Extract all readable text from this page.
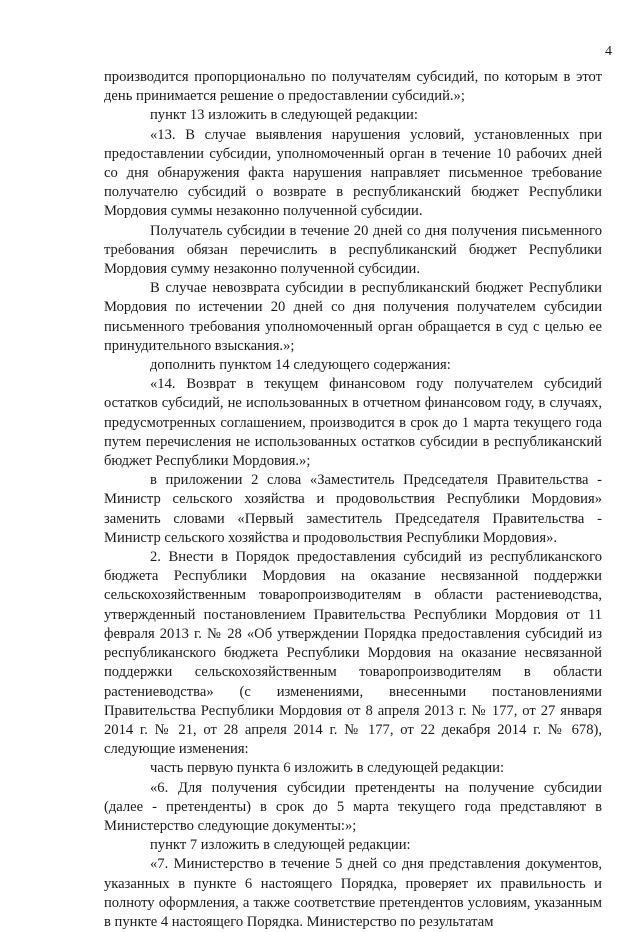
4

производится пропорционально по получателям субсидий, по которым в этот день принимается решение о предоставлении субсидий.»;

пункт 13 изложить в следующей редакции:

«13. В случае выявления нарушения условий, установленных при предоставлении субсидии, уполномоченный орган в течение 10 рабочих дней со дня обнаружения факта нарушения направляет письменное требование получателю субсидий о возврате в республиканский бюджет Республики Мордовия суммы незаконно полученной субсидии.

Получатель субсидии в течение 20 дней со дня получения письменного требования обязан перечислить в республиканский бюджет Республики Мордовия сумму незаконно полученной субсидии.

В случае невозврата субсидии в республиканский бюджет Республики Мордовия по истечении 20 дней со дня получения получателем субсидии письменного требования уполномоченный орган обращается в суд с целью ее принудительного взыскания.»;

дополнить пунктом 14 следующего содержания:

«14. Возврат в текущем финансовом году получателем субсидий остатков субсидий, не использованных в отчетном финансовом году, в случаях, предусмотренных соглашением, производится в срок до 1 марта текущего года путем перечисления не использованных остатков субсидии в республиканский бюджет Республики Мордовия.»;

в приложении 2 слова «Заместитель Председателя Правительства - Министр сельского хозяйства и продовольствия Республики Мордовия» заменить словами «Первый заместитель Председателя Правительства - Министр сельского хозяйства и продовольствия Республики Мордовия».

2. Внести в Порядок предоставления субсидий из республиканского бюджета Республики Мордовия на оказание несвязанной поддержки сельскохозяйственным товаропроизводителям в области растениеводства, утвержденный постановлением Правительства Республики Мордовия от 11 февраля 2013 г. № 28 «Об утверждении Порядка предоставления субсидий из республиканского бюджета Республики Мордовия на оказание несвязанной поддержки сельскохозяйственным товаропроизводителям в области растениеводства» (с изменениями, внесенными постановлениями Правительства Республики Мордовия от 8 апреля 2013 г. № 177, от 27 января 2014 г. № 21, от 28 апреля 2014 г. № 177, от 22 декабря 2014 г. № 678), следующие изменения:

часть первую пункта 6 изложить в следующей редакции:

«6. Для получения субсидии претенденты на получение субсидии (далее - претенденты) в срок до 5 марта текущего года представляют в Министерство следующие документы:»;

пункт 7 изложить в следующей редакции:

«7. Министерство в течение 5 дней со дня представления документов, указанных в пункте 6 настоящего Порядка, проверяет их правильность и полноту оформления, а также соответствие претендентов условиям, указанным в пункте 4 настоящего Порядка. Министерство по результатам
